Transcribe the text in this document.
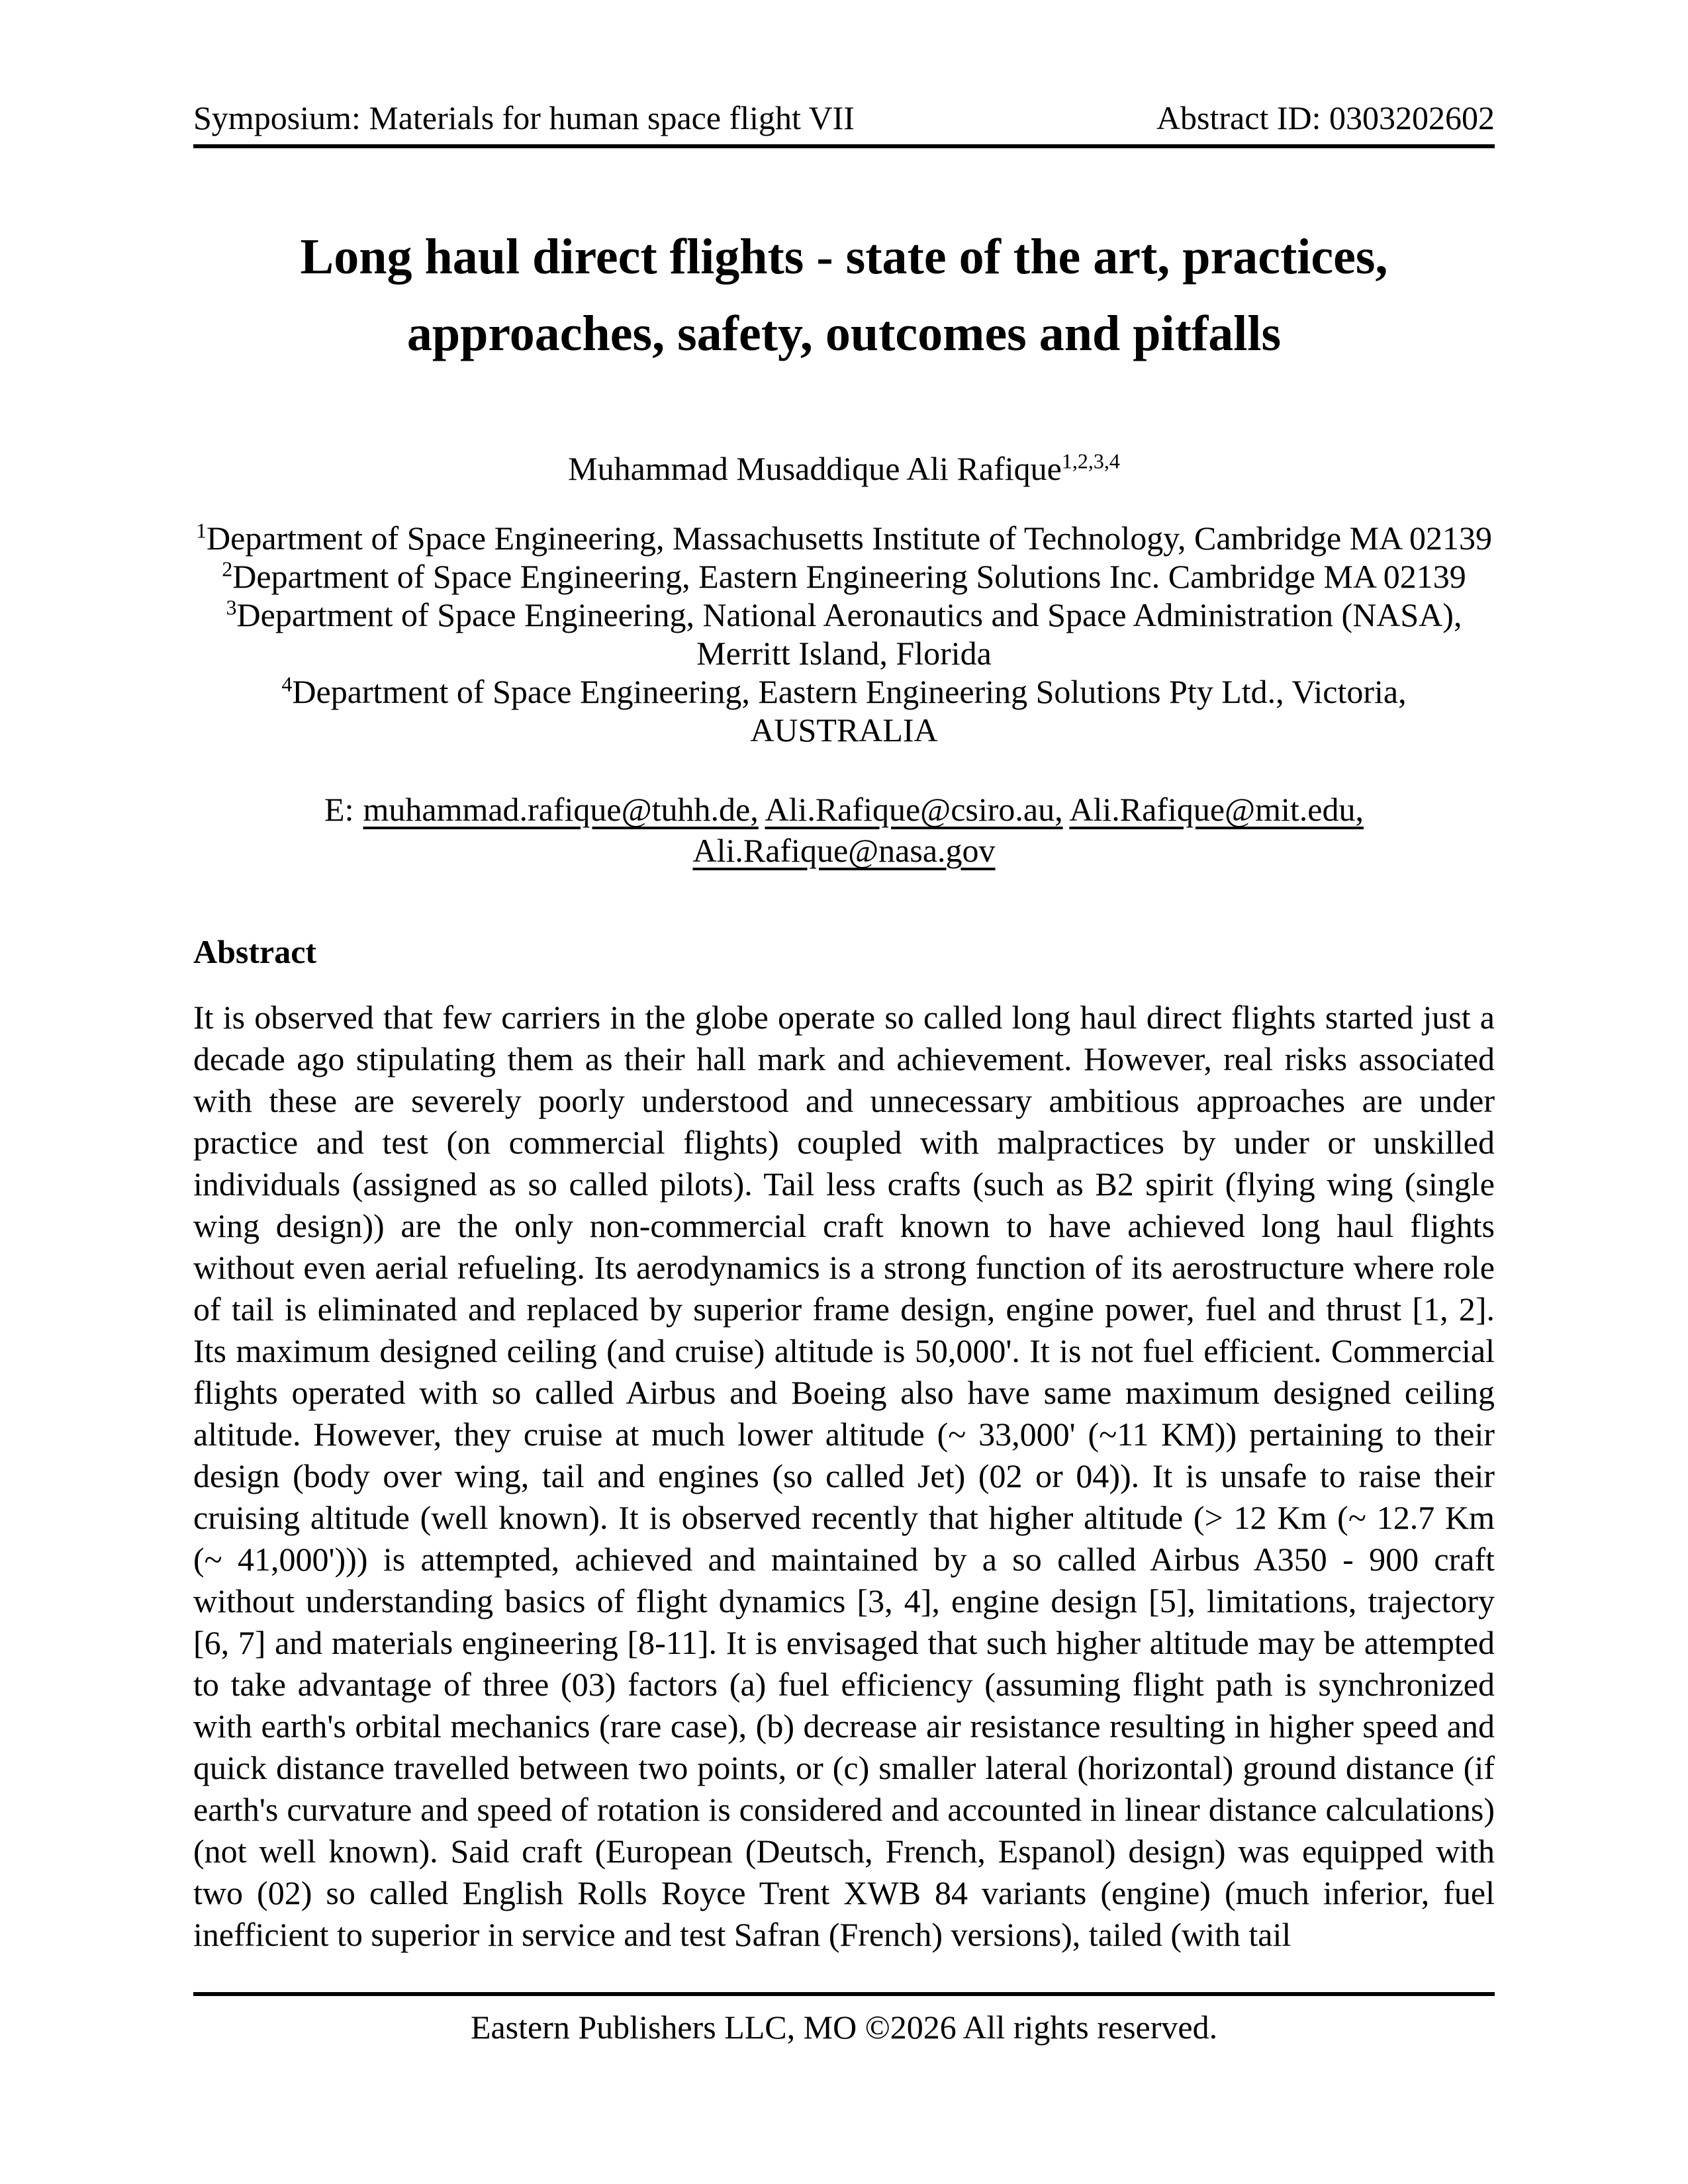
Symposium: Materials for human space flight VII	Abstract ID: 0303202602
Long haul direct flights - state of the art, practices, approaches, safety, outcomes and pitfalls
Muhammad Musaddique Ali Rafique$^{1,2,3,4}$
$^1$Department of Space Engineering, Massachusetts Institute of Technology, Cambridge MA 02139
$^2$Department of Space Engineering, Eastern Engineering Solutions Inc. Cambridge MA 02139
$^3$Department of Space Engineering, National Aeronautics and Space Administration (NASA), Merritt Island, Florida
$^4$Department of Space Engineering, Eastern Engineering Solutions Pty Ltd., Victoria, AUSTRALIA
E: muhammad.rafique@tuhh.de, Ali.Rafique@csiro.au, Ali.Rafique@mit.edu, Ali.Rafique@nasa.gov
Abstract

It is observed that few carriers in the globe operate so called long haul direct flights started just a decade ago stipulating them as their hall mark and achievement. However, real risks associated with these are severely poorly understood and unnecessary ambitious approaches are under practice and test (on commercial flights) coupled with malpractices by under or unskilled individuals (assigned as so called pilots). Tail less crafts (such as B2 spirit (flying wing (single wing design)) are the only non-commercial craft known to have achieved long haul flights without even aerial refueling. Its aerodynamics is a strong function of its aerostructure where role of tail is eliminated and replaced by superior frame design, engine power, fuel and thrust [1, 2]. Its maximum designed ceiling (and cruise) altitude is 50,000'. It is not fuel efficient. Commercial flights operated with so called Airbus and Boeing also have same maximum designed ceiling altitude. However, they cruise at much lower altitude (~ 33,000' (~11 KM)) pertaining to their design (body over wing, tail and engines (so called Jet) (02 or 04)). It is unsafe to raise their cruising altitude (well known). It is observed recently that higher altitude (> 12 Km (~ 12.7 Km (~ 41,000'))) is attempted, achieved and maintained by a so called Airbus A350 - 900 craft without understanding basics of flight dynamics [3, 4], engine design [5], limitations, trajectory [6, 7] and materials engineering [8-11]. It is envisaged that such higher altitude may be attempted to take advantage of three (03) factors (a) fuel efficiency (assuming flight path is synchronized with earth's orbital mechanics (rare case), (b) decrease air resistance resulting in higher speed and quick distance travelled between two points, or (c) smaller lateral (horizontal) ground distance (if earth's curvature and speed of rotation is considered and accounted in linear distance calculations) (not well known). Said craft (European (Deutsch, French, Espanol) design) was equipped with two (02) so called English Rolls Royce Trent XWB 84 variants (engine) (much inferior, fuel inefficient to superior in service and test Safran (French) versions), tailed (with tail

Eastern Publishers LLC, MO ©2026 All rights reserved.
